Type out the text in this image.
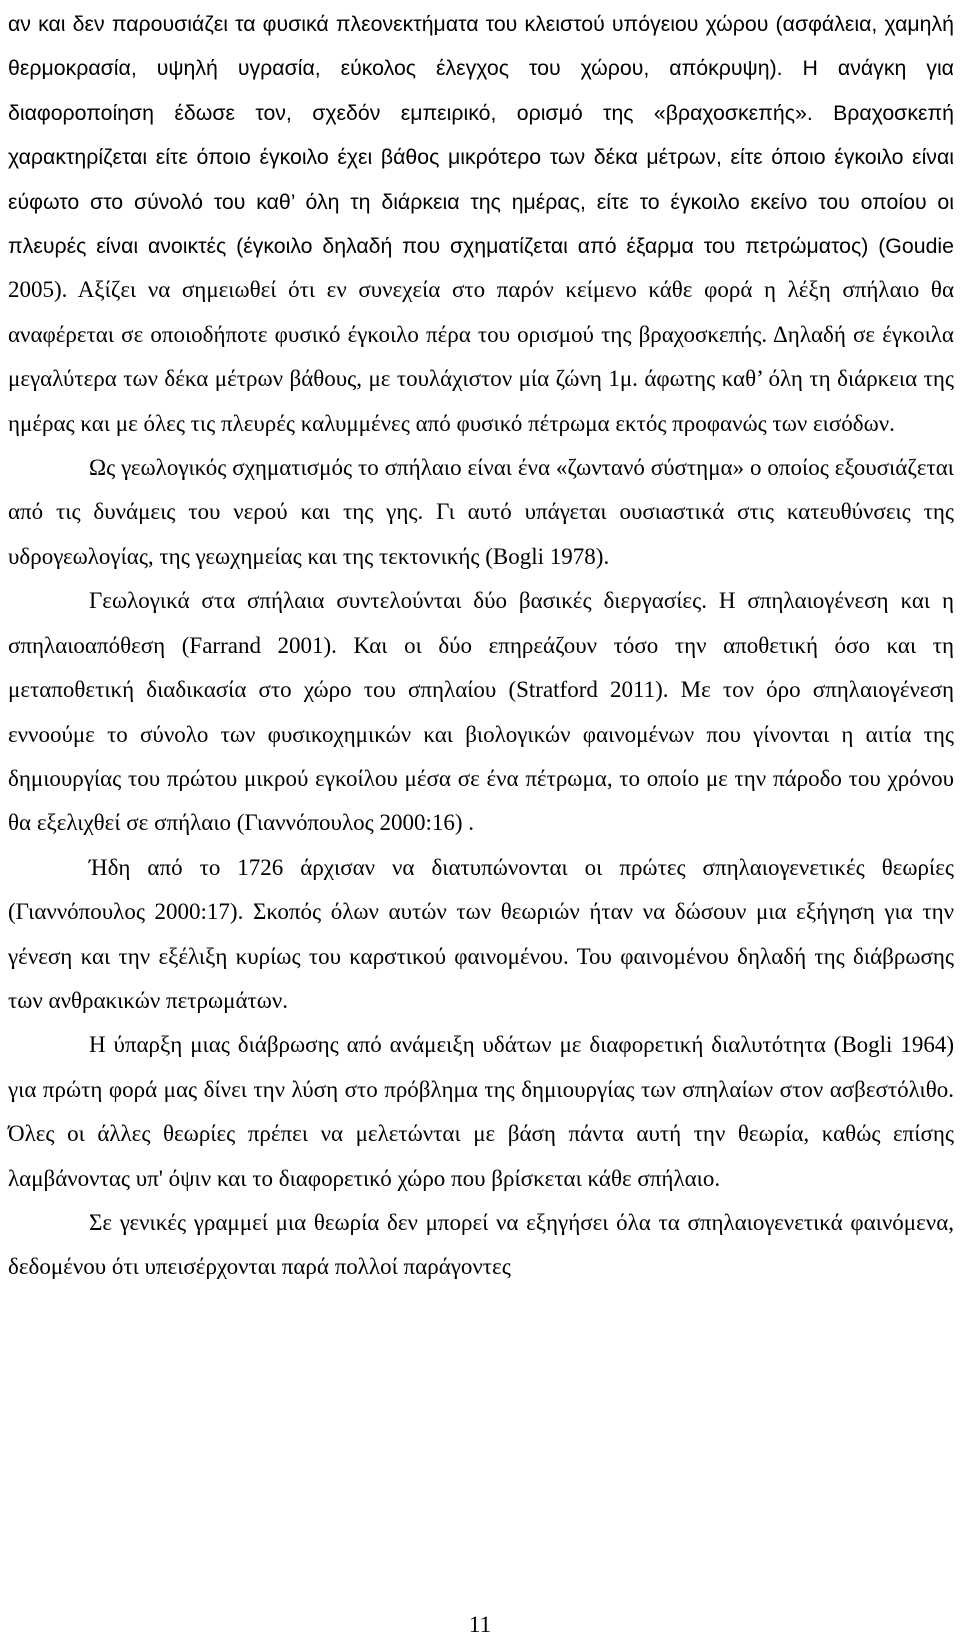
αν και δεν παρουσιάζει τα φυσικά πλεονεκτήματα του κλειστού υπόγειου χώρου (ασφάλεια, χαμηλή θερμοκρασία, υψηλή υγρασία, εύκολος έλεγχος του χώρου, απόκρυψη). Η ανάγκη για διαφοροποίηση έδωσε τον, σχεδόν εμπειρικό, ορισμό της «βραχοσκεπής». Βραχοσκεπή χαρακτηρίζεται είτε όποιο έγκοιλο έχει βάθος μικρότερο των δέκα μέτρων, είτε όποιο έγκοιλο είναι εύφωτο στο σύνολό του καθ’ όλη τη διάρκεια της ημέρας, είτε το έγκοιλο εκείνο του οποίου οι πλευρές είναι ανοικτές (έγκοιλο δηλαδή που σχηματίζεται από έξαρμα του πετρώματος) (Goudie 2005). Αξίζει να σημειωθεί ότι εν συνεχεία στο παρόν κείμενο κάθε φορά η λέξη σπήλαιο θα αναφέρεται σε οποιοδήποτε φυσικό έγκοιλο πέρα του ορισμού της βραχοσκεπής. Δηλαδή σε έγκοιλα μεγαλύτερα των δέκα μέτρων βάθους, με τουλάχιστον μία ζώνη 1μ. άφωτης καθ’ όλη τη διάρκεια της ημέρας και με όλες τις πλευρές καλυμμένες από φυσικό πέτρωμα εκτός προφανώς των εισόδων.

Ως γεωλογικός σχηματισμός το σπήλαιο είναι ένα «ζωντανό σύστημα» ο οποίος εξουσιάζεται από τις δυνάμεις του νερού και της γης. Γι αυτό υπάγεται ουσιαστικά στις κατευθύνσεις της υδρογεωλογίας, της γεωχημείας και της τεκτονικής (Bogli 1978).

Γεωλογικά στα σπήλαια συντελούνται δύο βασικές διεργασίες. Η σπηλαιογένεση και η σπηλαιοαπόθεση (Farrand 2001). Και οι δύο επηρεάζουν τόσο την αποθετική όσο και τη μεταποθετική διαδικασία στο χώρο του σπηλαίου (Stratford 2011). Με τον όρο σπηλαιογένεση εννοούμε το σύνολο των φυσικοχημικών και βιολογικών φαινομένων που γίνονται η αιτία της δημιουργίας του πρώτου μικρού εγκοίλου μέσα σε ένα πέτρωμα, το οποίο με την πάροδο του χρόνου θα εξελιχθεί σε σπήλαιο (Γιαννόπουλος 2000:16) .

Ήδη από το 1726 άρχισαν να διατυπώνονται οι πρώτες σπηλαιογενετικές θεωρίες (Γιαννόπουλος 2000:17). Σκοπός όλων αυτών των θεωριών ήταν να δώσουν μια εξήγηση για την γένεση και την εξέλιξη κυρίως του καρστικού φαινομένου. Του φαινομένου δηλαδή της διάβρωσης των ανθρακικών πετρωμάτων.

Η ύπαρξη μιας διάβρωσης από ανάμειξη υδάτων με διαφορετική διαλυτότητα (Bogli 1964) για πρώτη φορά μας δίνει την λύση στο πρόβλημα της δημιουργίας των σπηλαίων στον ασβεστόλιθο. Όλες οι άλλες θεωρίες πρέπει να μελετώνται με βάση πάντα αυτή την θεωρία, καθώς επίσης λαμβάνοντας υπ' όψιν και το διαφορετικό χώρο που βρίσκεται κάθε σπήλαιο.

Σε γενικές γραμμεί μια θεωρία δεν μπορεί να εξηγήσει όλα τα σπηλαιογενετικά φαινόμενα, δεδομένου ότι υπεισέρχονται παρά πολλοί παράγοντες

11
